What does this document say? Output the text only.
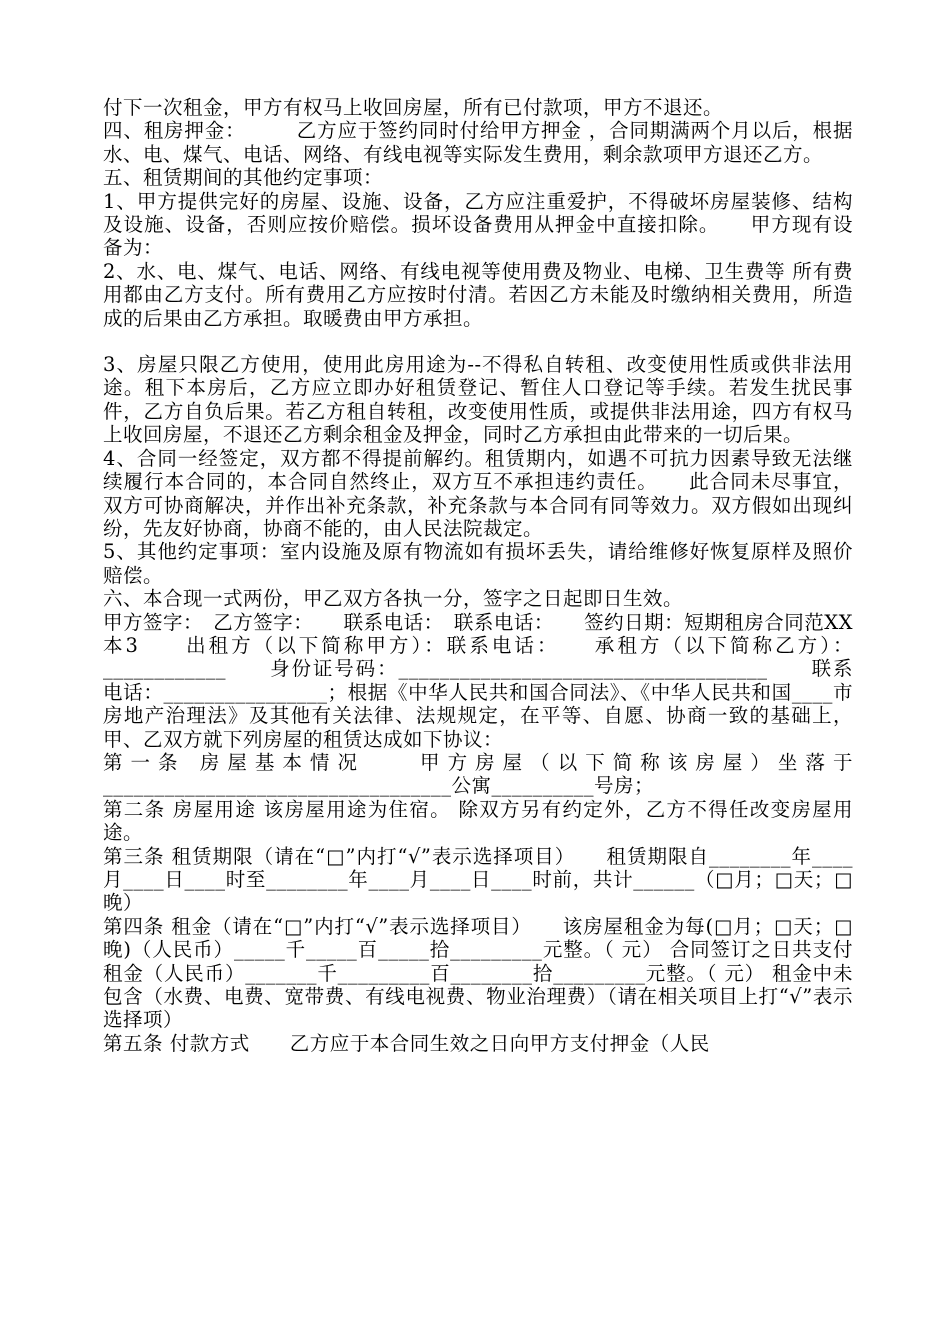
付下一次租金，甲方有权马上收回房屋，所有已付款项，甲方不退还。

四、租房押金：　　　乙方应于签约同时付给甲方押金 ，合同期满两个月以后，根据水、电、煤气、电话、网络、有线电视等实际发生费用，剩余款项甲方退还乙方。

五、租赁期间的其他约定事项：

1、甲方提供完好的房屋、设施、设备，乙方应注重爱护，不得破坏房屋装修、结构及设施、设备，否则应按价赔偿。损坏设备费用从押金中直接扣除。　　甲方现有设备为：

2、水、电、煤气、电话、网络、有线电视等使用费及物业、电梯、卫生费等 所有费用都由乙方支付。所有费用乙方应按时付清。若因乙方未能及时缴纳相关费用，所造成的后果由乙方承担。取暖费由甲方承担。

3、房屋只限乙方使用，使用此房用途为--不得私自转租、改变使用性质或供非法用途。租下本房后，乙方应立即办好租赁登记、暂住人口登记等手续。若发生扰民事件，乙方自负后果。若乙方租自转租，改变使用性质，或提供非法用途，四方有权马上收回房屋，不退还乙方剩余租金及押金，同时乙方承担由此带来的一切后果。

4、合同一经签定，双方都不得提前解约。租赁期内，如遇不可抗力因素导致无法继续履行本合同的，本合同自然终止，双方互不承担违约责任。　　此合同未尽事宜，双方可协商解决，并作出补充条款，补充条款与本合同有同等效力。双方假如出现纠纷，先友好协商，协商不能的，由人民法院裁定。

5、其他约定事项：室内设施及原有物流如有损坏丢失，请给维修好恢复原样及照价赔偿。

六、本合现一式两份，甲乙双方各执一分，签字之日起即日生效。

甲方签字：　乙方签字：　　联系电话：　联系电话：　　签约日期：短期租房合同范XX本3　　出租方（以下简称甲方）：联系电话：　　承租方（以下简称乙方）：____________　　身份证号码：____________________________________　　联系电话：________________；根据《中华人民共和国合同法》、《中华人民共和国____市房地产治理法》及其他有关法律、法规规定，在平等、自愿、协商一致的基础上，甲、乙双方就下列房屋的租赁达成如下协议：

第一条 房屋基本情况　　甲方房屋（以下简称该房屋）坐落于__________________________________公寓__________号房；

第二条 房屋用途 该房屋用途为住宿。 除双方另有约定外，乙方不得任改变房屋用途。

第三条 租赁期限（请在“□”内打“√”表示选择项目）　　租赁期限自________年____月____日____时至________年____月____日____时前，共计______（□月；□天；□晚）

第四条 租金（请在“□”内打“√”表示选择项目）　　该房屋租金为每(□月；□天；□晚)（人民币）_____千_____百_____拾_________元整。（ 元） 合同签订之日共支付租金（人民币）_______千_________百________拾_________元整。（ 元） 租金中未包含（水费、电费、宽带费、有线电视费、物业治理费）（请在相关项目上打“√”表示选择项）

第五条 付款方式　　乙方应于本合同生效之日向甲方支付押金（人民
